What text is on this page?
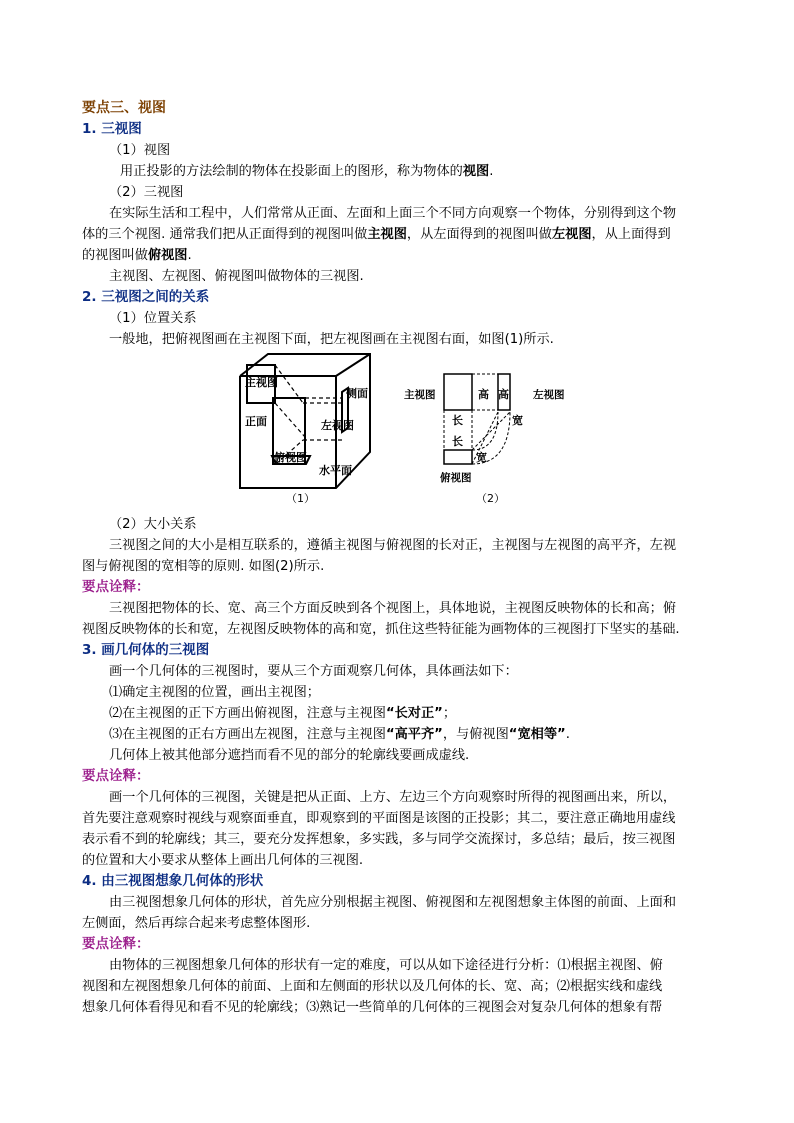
要点三、视图
1. 三视图
（1）视图
用正投影的方法绘制的物体在投影面上的图形，称为物体的视图.
（2）三视图
在实际生活和工程中，人们常常从正面、左面和上面三个不同方向观察一个物体，分别得到这个物
体的三个视图. 通常我们把从正面得到的视图叫做主视图，从左面得到的视图叫做左视图，从上面得到
的视图叫做俯视图.
主视图、左视图、俯视图叫做物体的三视图.
2. 三视图之间的关系
（1）位置关系
一般地，把俯视图画在主视图下面，把左视图画在主视图右面，如图(1)所示.
主视图
侧面
正面	左视图
俯视图
水平面
（1）
主视图	高 高 左视图
长
长
宽
宽
俯视图
（2）
（2）大小关系
三视图之间的大小是相互联系的，遵循主视图与俯视图的长对正，主视图与左视图的高平齐，左视
图与俯视图的宽相等的原则. 如图(2)所示.
要点诠释：
三视图把物体的长、宽、高三个方面反映到各个视图上，具体地说，主视图反映物体的长和高；俯
视图反映物体的长和宽，左视图反映物体的高和宽，抓住这些特征能为画物体的三视图打下坚实的基础.
3. 画几何体的三视图
画一个几何体的三视图时，要从三个方面观察几何体，具体画法如下：
⑴确定主视图的位置，画出主视图；
⑵在主视图的正下方画出俯视图，注意与主视图“长对正”；
⑶在主视图的正右方画出左视图，注意与主视图“高平齐”，与俯视图“宽相等”.
几何体上被其他部分遮挡而看不见的部分的轮廓线要画成虚线.
要点诠释：
画一个几何体的三视图，关键是把从正面、上方、左边三个方向观察时所得的视图画出来，所以，
首先要注意观察时视线与观察面垂直，即观察到的平面图是该图的正投影；其二，要注意正确地用虚线
表示看不到的轮廓线；其三，要充分发挥想象，多实践，多与同学交流探讨，多总结；最后，按三视图
的位置和大小要求从整体上画出几何体的三视图.
4. 由三视图想象几何体的形状
由三视图想象几何体的形状，首先应分别根据主视图、俯视图和左视图想象主体图的前面、上面和
左侧面，然后再综合起来考虑整体图形.
要点诠释：
由物体的三视图想象几何体的形状有一定的难度，可以从如下途径进行分析：⑴根据主视图、俯
视图和左视图想象几何体的前面、上面和左侧面的形状以及几何体的长、宽、高；⑵根据实线和虚线
想象几何体看得见和看不见的轮廓线；⑶熟记一些简单的几何体的三视图会对复杂几何体的想象有帮
